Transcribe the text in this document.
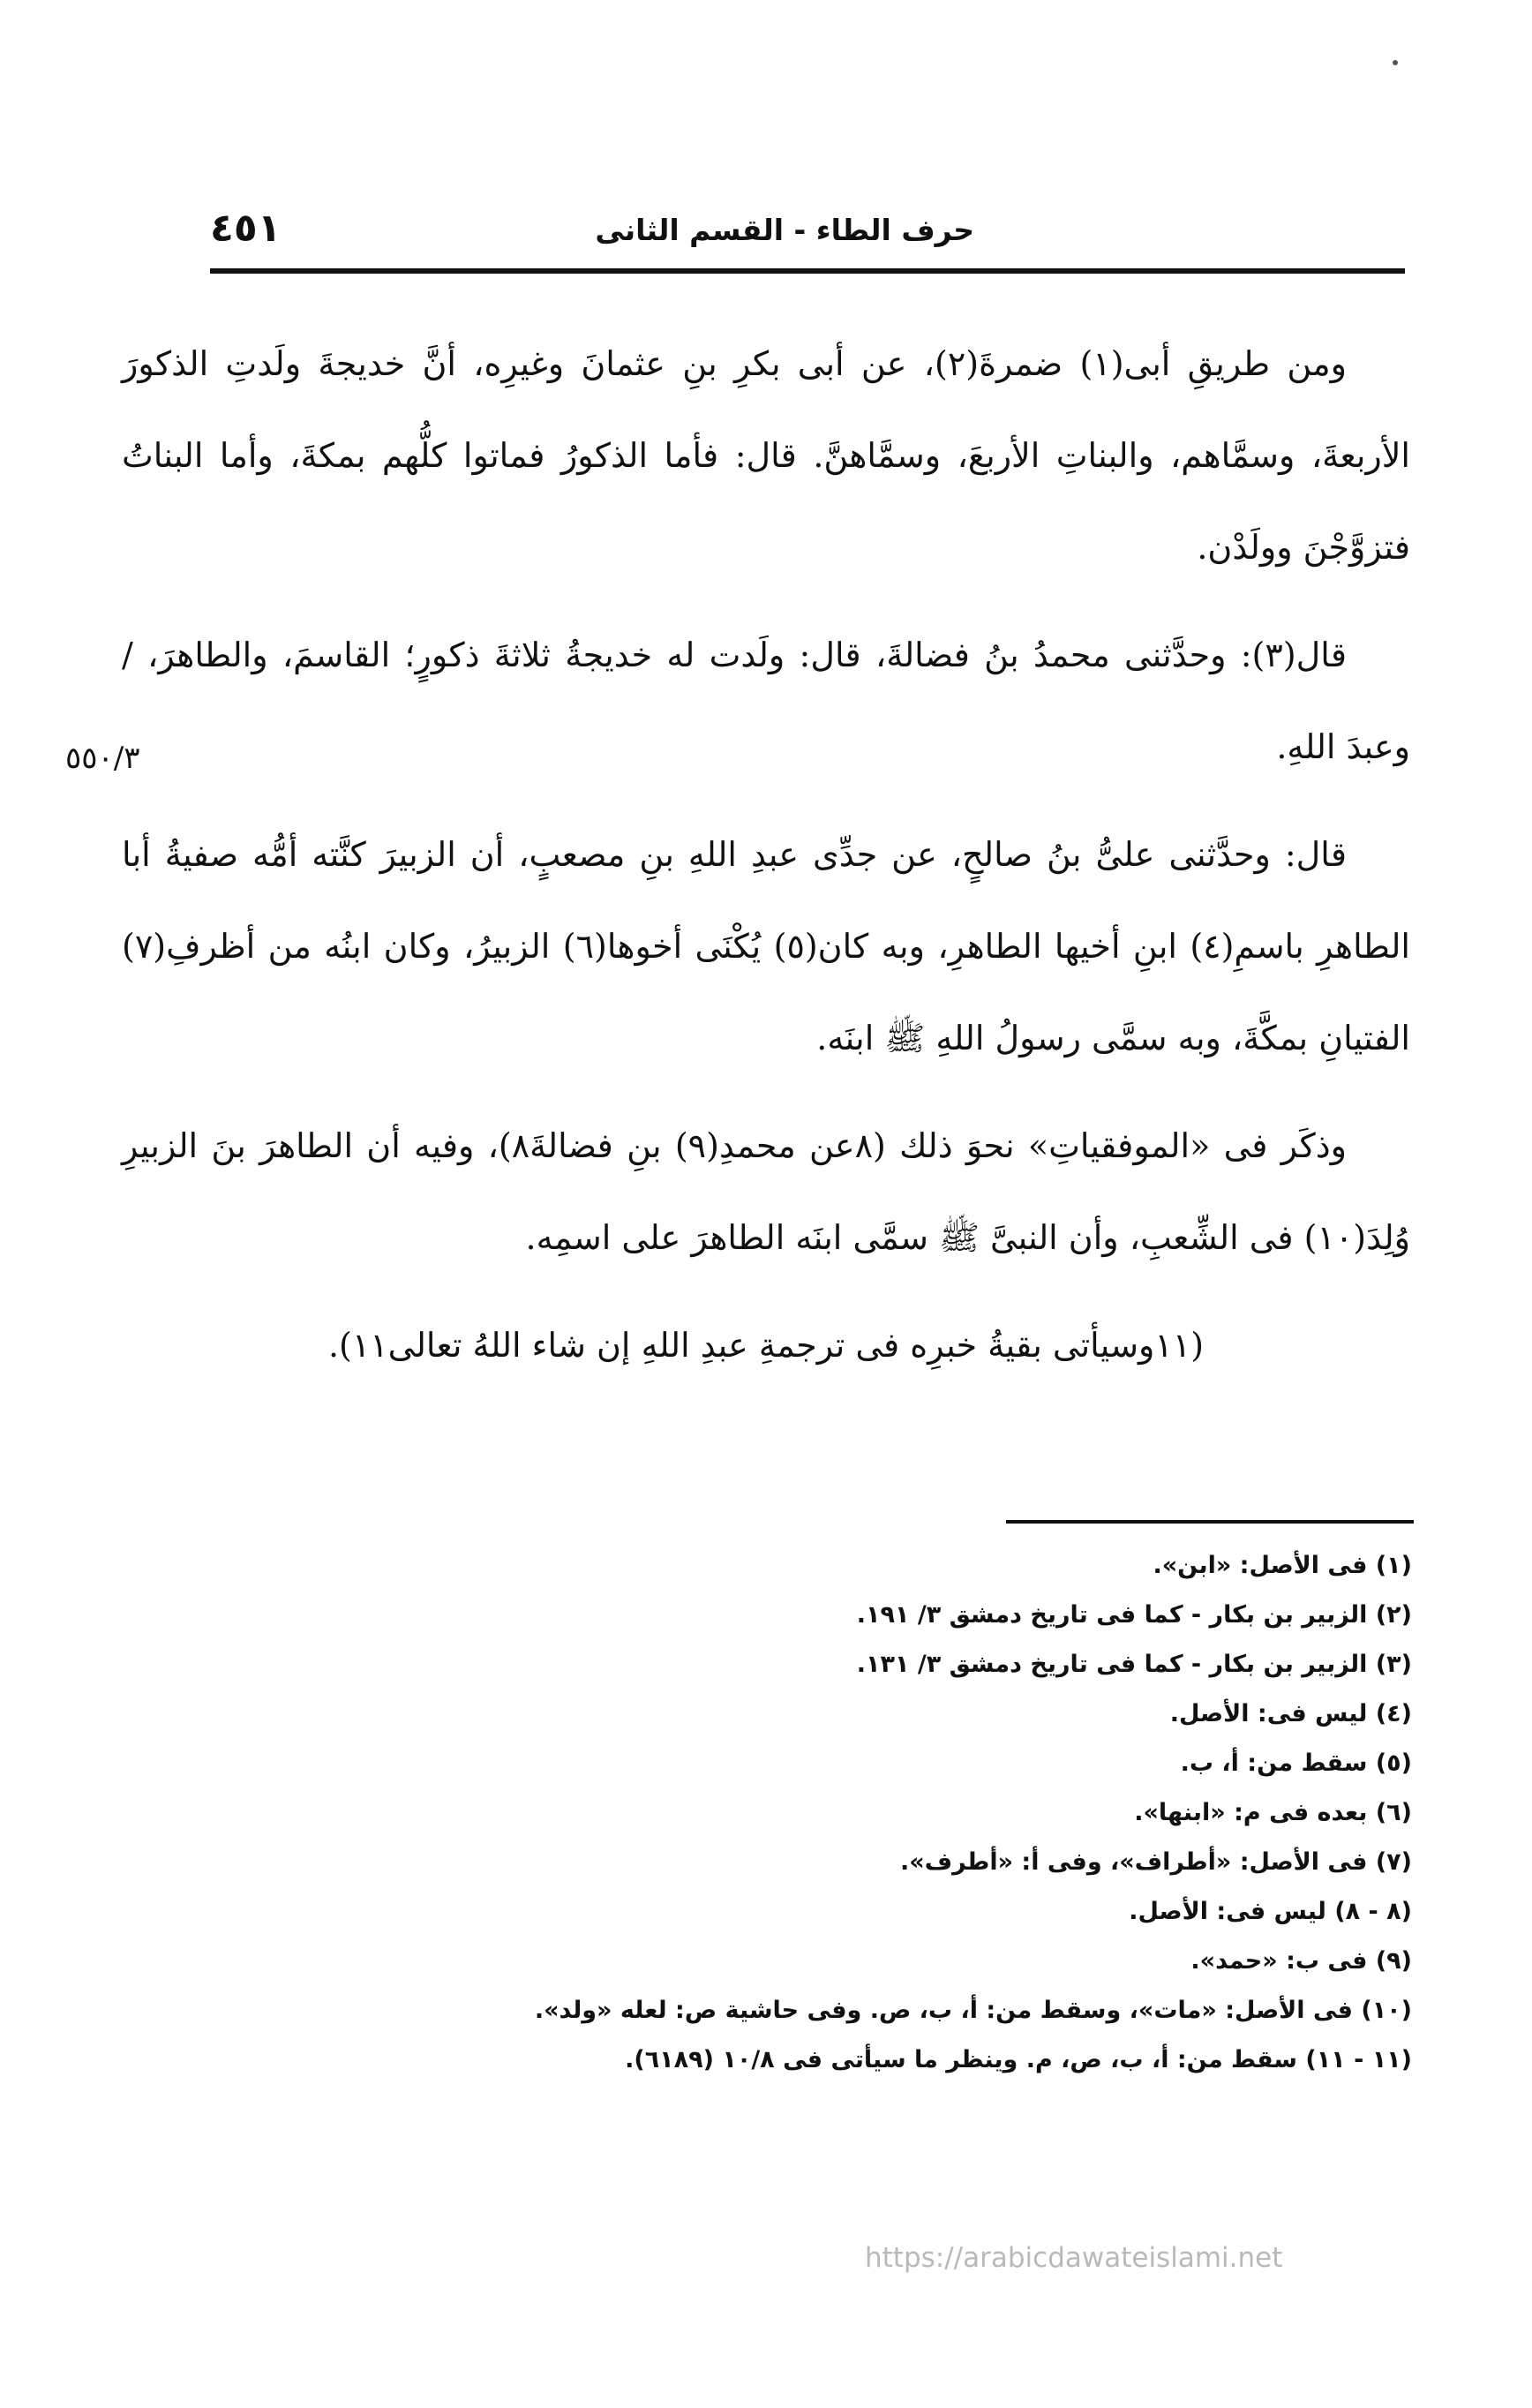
حرف الطاء - القسم الثانى
٤٥١

ومن طريقِ أبى(١) ضمرةَ(٢)، عن أبى بكرِ بنِ عثمانَ وغيرِه، أنَّ خديجةَ ولَدتِ الذكورَ الأربعةَ، وسمَّاهم، والبناتِ الأربعَ، وسمَّاهنَّ. قال: فأما الذكورُ فماتوا كلُّهم بمكةَ، وأما البناتُ فتزوَّجْنَ وولَدْن.

قال(٣): وحدَّثنى محمدُ بنُ فضالةَ، قال: ولَدت له خديجةُ ثلاثةَ ذكورٍ؛ القاسمَ، والطاهرَ، / وعبدَ اللهِ.

قال: وحدَّثنى علىُّ بنُ صالحٍ، عن جدِّى عبدِ اللهِ بنِ مصعبٍ، أن الزبيرَ كنَّته أمُّه صفيةُ أبا الطاهرِ باسمِ(٤) ابنِ أخيها الطاهرِ، وبه كان(٥) يُكْنَى أخوها(٦) الزبيرُ، وكان ابنُه من أظرفِ(٧) الفتيانِ بمكَّةَ، وبه سمَّى رسولُ اللهِ ﷺ ابنَه.

وذكَر فى «الموفقياتِ» نحوَ ذلك (٨عن محمدِ(٩) بنِ فضالةَ٨)، وفيه أن الطاهرَ بنَ الزبيرِ وُلِدَ(١٠) فى الشِّعبِ، وأن النبىَّ ﷺ سمَّى ابنَه الطاهرَ على اسمِه.

(١١وسيأتى بقيةُ خبرِه فى ترجمةِ عبدِ اللهِ إن شاء اللهُ تعالى١١).

٥٥٠/٣
(١) فى الأصل: «ابن».
(٢) الزبير بن بكار - كما فى تاريخ دمشق ٣/ ١٩١.
(٣) الزبير بن بكار - كما فى تاريخ دمشق ٣/ ١٣١.
(٤) ليس فى: الأصل.
(٥) سقط من: أ، ب.
(٦) بعده فى م: «ابنها».
(٧) فى الأصل: «أطراف»، وفى أ: «أطرف».
(٨ - ٨) ليس فى: الأصل.
(٩) فى ب: «حمد».
(١٠) فى الأصل: «مات»، وسقط من: أ، ب، ص. وفى حاشية ص: لعله «ولد».
(١١ - ١١) سقط من: أ، ب، ص، م. وينظر ما سيأتى فى ١٠/٨ (٦١٨٩).
https://arabicdawateislami.net
